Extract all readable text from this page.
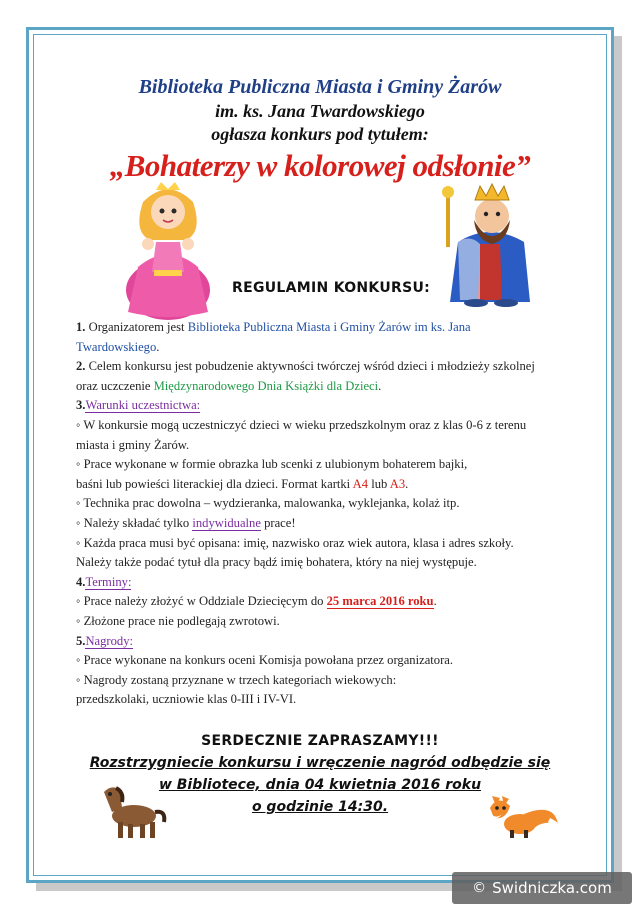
Biblioteka Publiczna Miasta i Gminy Żarów
im. ks. Jana Twardowskiego
ogłasza konkurs pod tytułem:
„Bohaterzy w kolorowej odsłonie”
REGULAMIN KONKURSU:
1. Organizatorem jest Biblioteka Publiczna Miasta i Gminy Żarów im ks. Jana
Twardowskiego.
2. Celem konkursu jest pobudzenie aktywności twórczej wśród dzieci i młodzieży szkolnej
oraz uczczenie Międzynarodowego Dnia Książki dla Dzieci.
3.Warunki uczestnictwa:
◦ W konkursie mogą uczestniczyć dzieci w wieku przedszkolnym oraz z klas 0-6 z terenu
miasta i gminy Żarów.
◦ Prace wykonane w formie obrazka lub scenki z ulubionym bohaterem bajki,
baśni lub powieści literackiej dla dzieci. Format kartki A4 lub A3.
◦ Technika prac dowolna – wydzieranka, malowanka, wyklejanka, kolaż itp.
◦ Należy składać tylko indywidualne prace!
◦ Każda praca musi być opisana: imię, nazwisko oraz wiek autora, klasa i adres szkoły.
Należy także podać tytuł dla pracy bądź imię bohatera, który na niej występuje.
4.Terminy:
◦ Prace należy złożyć w Oddziale Dziecięcym do 25 marca 2016 roku.
◦ Złożone prace nie podlegają zwrotowi.
5.Nagrody:
◦ Prace wykonane na konkurs oceni Komisja powołana przez organizatora.
◦ Nagrody zostaną przyznane w trzech kategoriach wiekowych:
przedszkolaki, uczniowie klas 0-III i IV-VI.
SERDECZNIE ZAPRASZAMY!!!
Rozstrzygniecie konkursu i wręczenie nagród odbędzie się
w Bibliotece, dnia 04 kwietnia 2016 roku
o godzinie 14:30.
© Swidniczka.com
